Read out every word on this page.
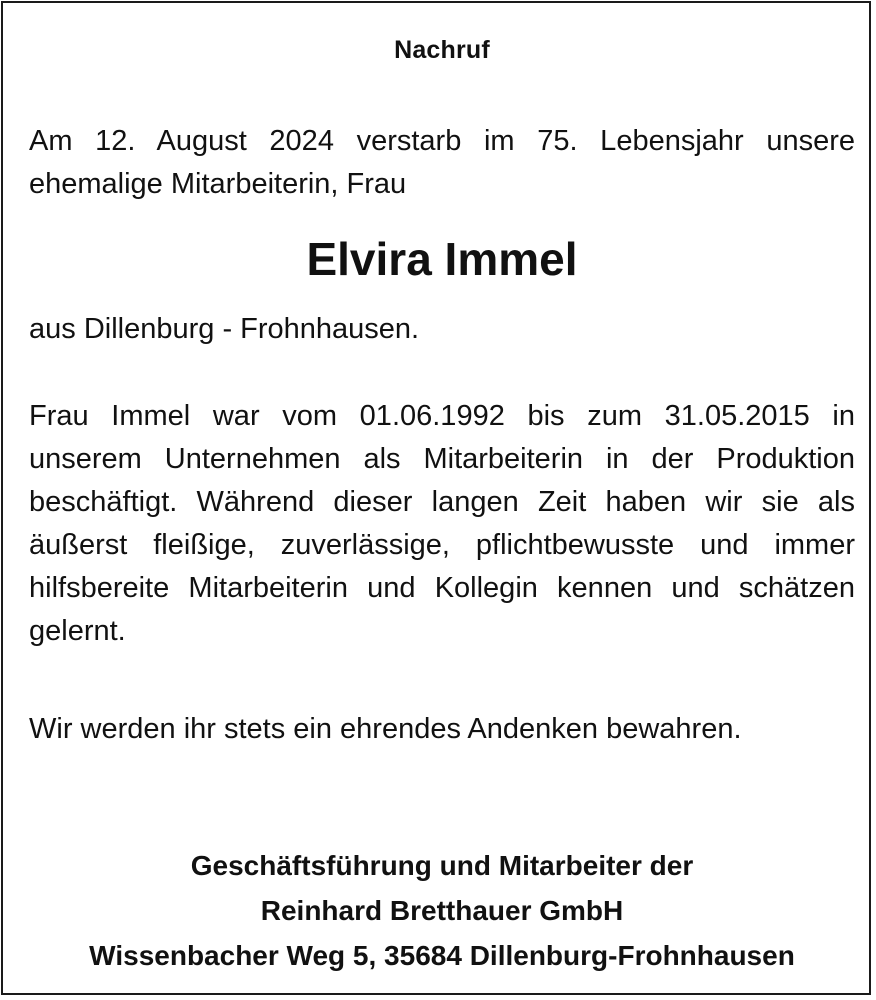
Nachruf

Am 12. August 2024 verstarb im 75. Lebensjahr unsere ehemalige Mitarbeiterin, Frau

Elvira Immel

aus Dillenburg - Frohnhausen.

Frau Immel war vom 01.06.1992 bis zum 31.05.2015 in unserem Unternehmen als Mitarbeiterin in der Produktion beschäftigt. Während dieser langen Zeit haben wir sie als äußerst fleißige, zuverlässige, pflichtbewusste und immer hilfsbereite Mitarbeiterin und Kollegin kennen und schätzen gelernt.

Wir werden ihr stets ein ehrendes Andenken bewahren.

Geschäftsführung und Mitarbeiter der
Reinhard Bretthauer GmbH
Wissenbacher Weg 5, 35684 Dillenburg-Frohnhausen
